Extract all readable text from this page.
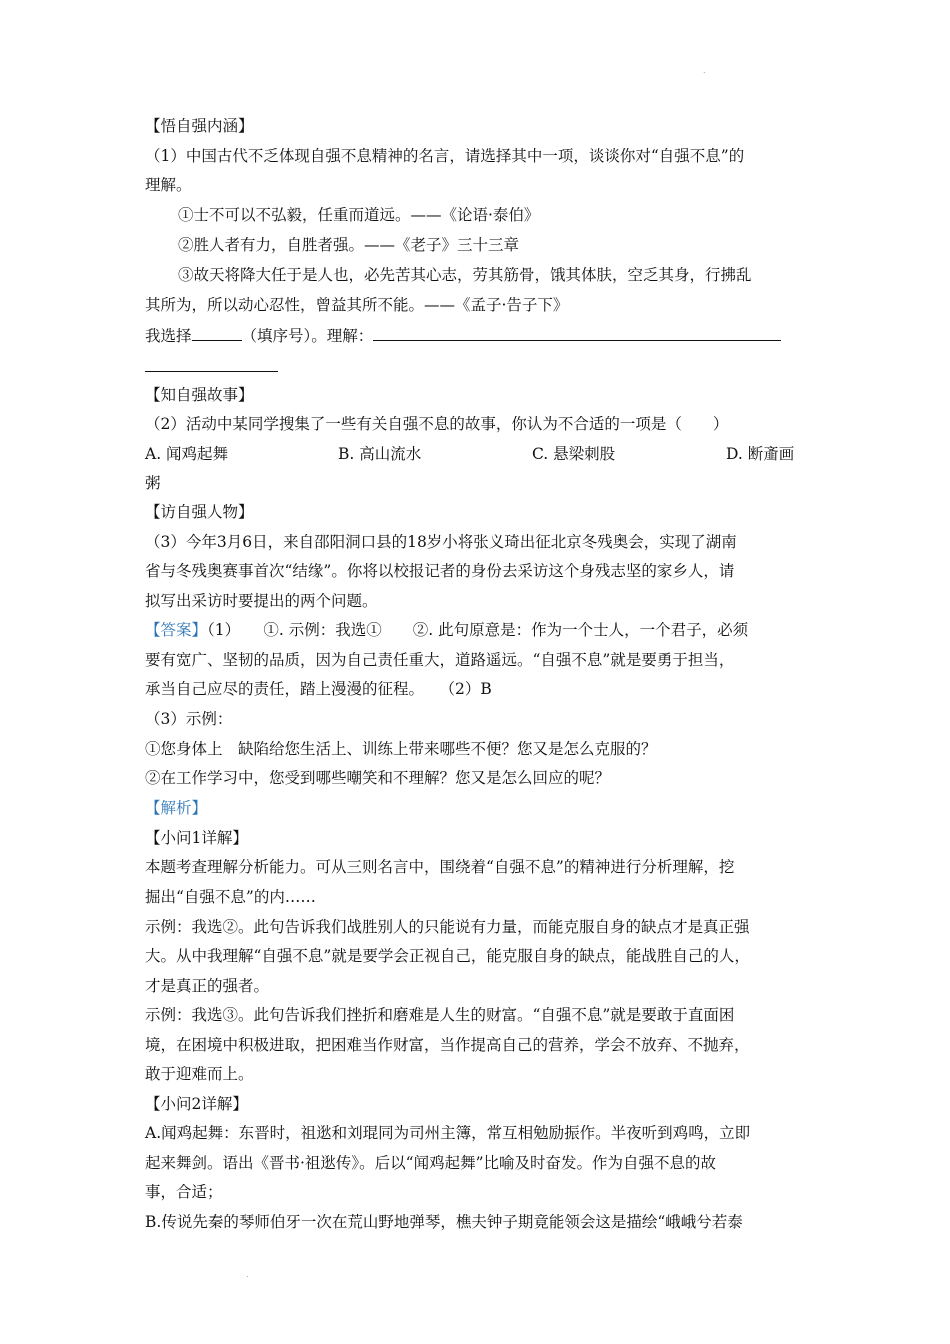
.
【悟自强内涵】
（1）中国古代不乏体现自强不息精神的名言，请选择其中一项，谈谈你对“自强不息”的
理解。
①士不可以不弘毅，任重而道远。——《论语·泰伯》
②胜人者有力，自胜者强。——《老子》三十三章
③故天将降大任于是人也，必先苦其心志，劳其筋骨，饿其体肤，空乏其身，行拂乱
其所为，所以动心忍性，曾益其所不能。——《孟子·告子下》
我选择	（填序号）。理解：
【知自强故事】
（2）活动中某同学搜集了一些有关自强不息的故事，你认为不合适的一项是（　　）
A. 闻鸡起舞	B. 高山流水	C. 悬梁刺股	D. 断齑画
粥
【访自强人物】
（3）今年3月6日，来自邵阳洞口县的18岁小将张义琦出征北京冬残奥会，实现了湖南
省与冬残奥赛事首次“结缘”。你将以校报记者的身份去采访这个身残志坚的家乡人，请
拟写出采访时要提出的两个问题。
【答案】（1）　　①. 示例：我选①　　②. 此句原意是：作为一个士人，一个君子，必须
要有宽广、坚韧的品质，因为自己责任重大，道路遥远。“自强不息”就是要勇于担当，
承当自己应尽的责任，踏上漫漫的征程。　　（2）B
（3）示例：
①您身体上　缺陷给您生活上、训练上带来哪些不便？您又是怎么克服的？
②在工作学习中，您受到哪些嘲笑和不理解？您又是怎么回应的呢？
【解析】
【小问1详解】
本题考查理解分析能力。可从三则名言中，围绕着“自强不息”的精神进行分析理解，挖
掘出“自强不息”的内……
示例：我选②。此句告诉我们战胜别人的只能说有力量，而能克服自身的缺点才是真正强
大。从中我理解“自强不息”就是要学会正视自己，能克服自身的缺点，能战胜自己的人，
才是真正的强者。
示例：我选③。此句告诉我们挫折和磨难是人生的财富。“自强不息”就是要敢于直面困
境，在困境中积极进取，把困难当作财富，当作提高自己的营养，学会不放弃、不抛弃，
敢于迎难而上。
【小问2详解】
A.闻鸡起舞：东晋时，祖逖和刘琨同为司州主簿，常互相勉励振作。半夜听到鸡鸣，立即
起来舞剑。语出《晋书·祖逖传》。后以“闻鸡起舞”比喻及时奋发。作为自强不息的故
事，合适；
B.传说先秦的琴师伯牙一次在荒山野地弹琴，樵夫钟子期竟能领会这是描绘“峨峨兮若泰
.
